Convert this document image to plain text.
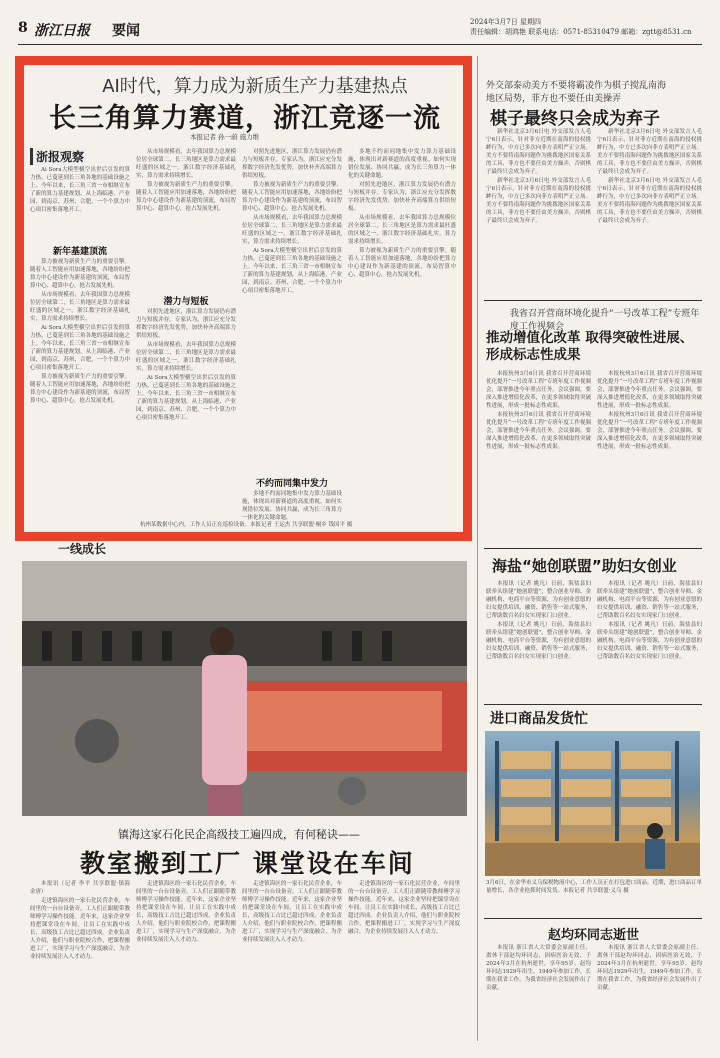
8 浙江日报 要闻
2024年3月7日 星期四
责任编辑：胡鸿艳 联系电话：0571-85310479 邮箱：zgtt@8531.cn
AI时代，算力成为新质生产力基建热点
长三角算力赛道，浙江竞逐一流
本报记者 孙一蔚 施力维
浙报观察

Ai Sora大模型横空出世后引发的算力热，已蔓延到长三角各地的基础设施之上。今年以来，长三角三省一市相继宣布了新的算力基建规划。从上海临港、产业园，到南京、苏州、合肥，一个个算力中心项目密集落地开工。

新年基建顶流

算力被视为新质生产力的重要引擎。随着人工智能应用加速落地，各地纷纷把算力中心建设作为新基建的顶流，布局智算中心、超算中心，抢占发展先机。

从市场规模看，去年我国算力总规模位居全球第二，长三角地区是算力需求最旺盛的区域之一。浙江数字经济基础扎实，算力需求持续增长。

Ai Sora大模型横空出世后引发的算力热，已蔓延到长三角各地的基础设施之上。今年以来，长三角三省一市相继宣布了新的算力基建规划。从上海临港、产业园，到南京、苏州、合肥，一个个算力中心项目密集落地开工。

算力被视为新质生产力的重要引擎。随着人工智能应用加速落地，各地纷纷把算力中心建设作为新基建的顶流，布局智算中心、超算中心，抢占发展先机。

从市场规模看，去年我国算力总规模位居全球第二，长三角地区是算力需求最旺盛的区域之一。浙江数字经济基础扎实，算力需求持续增长。

算力被视为新质生产力的重要引擎。随着人工智能应用加速落地，各地纷纷把算力中心建设作为新基建的顶流，布局智算中心、超算中心，抢占发展先机。

潜力与短板

对照先进地区，浙江算力发展仍有潜力与短板并存。专家认为，浙江应充分发挥数字经济先发优势，加快补齐高端算力供给短板。

从市场规模看，去年我国算力总规模位居全球第二，长三角地区是算力需求最旺盛的区域之一。浙江数字经济基础扎实，算力需求持续增长。

Ai Sora大模型横空出世后引发的算力热，已蔓延到长三角各地的基础设施之上。今年以来，长三角三省一市相继宣布了新的算力基建规划。从上海临港、产业园，到南京、苏州、合肥，一个个算力中心项目密集落地开工。

对照先进地区，浙江算力发展仍有潜力与短板并存。专家认为，浙江应充分发挥数字经济先发优势，加快补齐高端算力供给短板。

算力被视为新质生产力的重要引擎。随着人工智能应用加速落地，各地纷纷把算力中心建设作为新基建的顶流，布局智算中心、超算中心，抢占发展先机。

从市场规模看，去年我国算力总规模位居全球第二，长三角地区是算力需求最旺盛的区域之一。浙江数字经济基础扎实，算力需求持续增长。

Ai Sora大模型横空出世后引发的算力热，已蔓延到长三角各地的基础设施之上。今年以来，长三角三省一市相继宣布了新的算力基建规划。从上海临港、产业园，到南京、苏州、合肥，一个个算力中心项目密集落地开工。

不约而同集中发力

多地不约而同地集中发力算力基础设施，体现出对新赛道的高度重视。如何实现错位发展、协同共赢，成为长三角算力一体化的关键命题。

多地不约而同地集中发力算力基础设施，体现出对新赛道的高度重视。如何实现错位发展、协同共赢，成为长三角算力一体化的关键命题。

对照先进地区，浙江算力发展仍有潜力与短板并存。专家认为，浙江应充分发挥数字经济先发优势，加快补齐高端算力供给短板。

从市场规模看，去年我国算力总规模位居全球第二，长三角地区是算力需求最旺盛的区域之一。浙江数字经济基础扎实，算力需求持续增长。

算力被视为新质生产力的重要引擎。随着人工智能应用加速落地，各地纷纷把算力中心建设作为新基建的顶流，布局智算中心、超算中心，抢占发展先机。

杭州某数据中心内，工作人员正在巡检设备。本报记者 王运杰 共享联盟·桐乡 钱国平 摄
一线成长
镇海这家石化民企高级技工遍四成，有何秘诀——
教室搬到工厂 课堂设在车间

本报讯（记者 李平 共享联盟·镇海 金唐）

走进镇海区的一家石化民营企业，车间里的一台台设备旁，工人们正跟随带教师傅学习操作技能。近年来，这家企业坚持把课堂设在车间，让员工在实践中成长，高级技工占比已超过四成。企业负责人介绍，他们与职业院校合作，把课程搬进工厂，实现学习与生产深度融合，为企业持续发展注入人才动力。

走进镇海区的一家石化民营企业，车间里的一台台设备旁，工人们正跟随带教师傅学习操作技能。近年来，这家企业坚持把课堂设在车间，让员工在实践中成长，高级技工占比已超过四成。企业负责人介绍，他们与职业院校合作，把课程搬进工厂，实现学习与生产深度融合，为企业持续发展注入人才动力。

走进镇海区的一家石化民营企业，车间里的一台台设备旁，工人们正跟随带教师傅学习操作技能。近年来，这家企业坚持把课堂设在车间，让员工在实践中成长，高级技工占比已超过四成。企业负责人介绍，他们与职业院校合作，把课程搬进工厂，实现学习与生产深度融合，为企业持续发展注入人才动力。

走进镇海区的一家石化民营企业，车间里的一台台设备旁，工人们正跟随带教师傅学习操作技能。近年来，这家企业坚持把课堂设在车间，让员工在实践中成长，高级技工占比已超过四成。企业负责人介绍，他们与职业院校合作，把课程搬进工厂，实现学习与生产深度融合，为企业持续发展注入人才动力。

外交部泰动美方不要将霸凌作为棋子搅乱南海
地区局势，菲方也不要任由美操弄
棋子最终只会成为弃子

新华社北京3月6日电 外交部发言人毛宁6日表示，针对菲方近期在南海的侵权挑衅行为，中方已多次向菲方表明严正立场。美方不要将南海问题作为挑拨地区国家关系的工具，菲方也不要任由美方操弄，否则棋子最终只会成为弃子。

新华社北京3月6日电 外交部发言人毛宁6日表示，针对菲方近期在南海的侵权挑衅行为，中方已多次向菲方表明严正立场。美方不要将南海问题作为挑拨地区国家关系的工具，菲方也不要任由美方操弄，否则棋子最终只会成为弃子。

新华社北京3月6日电 外交部发言人毛宁6日表示，针对菲方近期在南海的侵权挑衅行为，中方已多次向菲方表明严正立场。美方不要将南海问题作为挑拨地区国家关系的工具，菲方也不要任由美方操弄，否则棋子最终只会成为弃子。

新华社北京3月6日电 外交部发言人毛宁6日表示，针对菲方近期在南海的侵权挑衅行为，中方已多次向菲方表明严正立场。美方不要将南海问题作为挑拨地区国家关系的工具，菲方也不要任由美方操弄，否则棋子最终只会成为弃子。

我省召开营商环境化提升“一号改革工程”专班年度工作视频会
推动增值化改革 取得突破性进展、形成标志性成果

本报杭州3月6日讯 我省召开营商环境优化提升“一号改革工程”专班年度工作视频会，部署推进今年重点任务。会议强调，要深入推进增值化改革，在更多领域取得突破性进展，形成一批标志性成果。

本报杭州3月6日讯 我省召开营商环境优化提升“一号改革工程”专班年度工作视频会，部署推进今年重点任务。会议强调，要深入推进增值化改革，在更多领域取得突破性进展，形成一批标志性成果。

本报杭州3月6日讯 我省召开营商环境优化提升“一号改革工程”专班年度工作视频会，部署推进今年重点任务。会议强调，要深入推进增值化改革，在更多领域取得突破性进展，形成一批标志性成果。

本报杭州3月6日讯 我省召开营商环境优化提升“一号改革工程”专班年度工作视频会，部署推进今年重点任务。会议强调，要深入推进增值化改革，在更多领域取得突破性进展，形成一批标志性成果。

海盐“她创联盟”助妇女创业

本报讯（记者 姚凡）日前，海盐县妇联牵头组建“她创联盟”，整合创业导师、金融机构、电商平台等资源，为有创业意愿的妇女提供培训、融资、销售等一站式服务，已帮助数百名妇女实现家门口创业。

本报讯（记者 姚凡）日前，海盐县妇联牵头组建“她创联盟”，整合创业导师、金融机构、电商平台等资源，为有创业意愿的妇女提供培训、融资、销售等一站式服务，已帮助数百名妇女实现家门口创业。

本报讯（记者 姚凡）日前，海盐县妇联牵头组建“她创联盟”，整合创业导师、金融机构、电商平台等资源，为有创业意愿的妇女提供培训、融资、销售等一站式服务，已帮助数百名妇女实现家门口创业。

本报讯（记者 姚凡）日前，海盐县妇联牵头组建“她创联盟”，整合创业导师、金融机构、电商平台等资源，为有创业意愿的妇女提供培训、融资、销售等一站式服务，已帮助数百名妇女实现家门口创业。

进口商品发货忙
3月6日，在金华市义乌保税物流中心，工作人员正在打包进口商品。近期，进口商品订单量增长，各企业抢抓时间发货。本报记者 共享联盟·义乌 摄
赵均环同志逝世

本报讯 浙江省人大常委会原副主任、离休干部赵均环同志，因病医治无效，于2024年3月在杭州逝世，享年95岁。赵均环同志1929年出生，1949年参加工作，长期在我省工作，为我省经济社会发展作出了贡献。

本报讯 浙江省人大常委会原副主任、离休干部赵均环同志，因病医治无效，于2024年3月在杭州逝世，享年95岁。赵均环同志1929年出生，1949年参加工作，长期在我省工作，为我省经济社会发展作出了贡献。
